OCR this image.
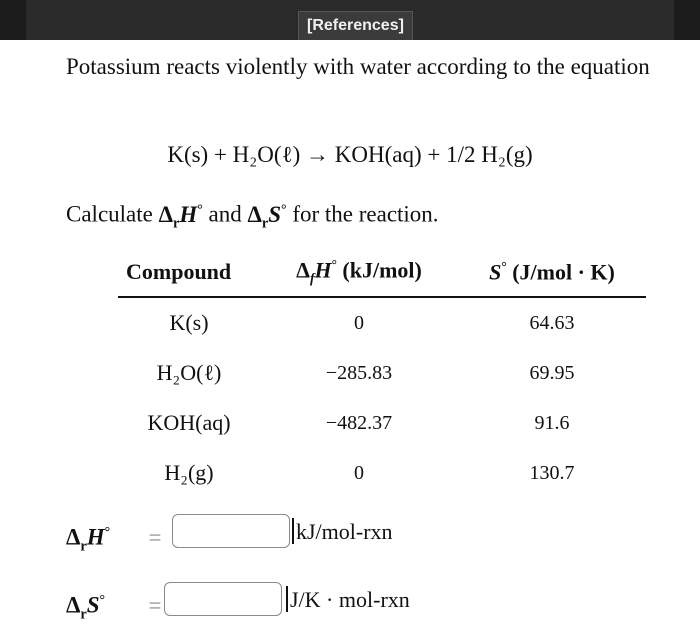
[References]
Potassium reacts violently with water according to the equation
K(s) + H₂O(ℓ) → KOH(aq) + 1/2 H₂(g)
Calculate $\Delta_rH^\circ$ and $\Delta_rS^\circ$ for the reaction.
Compound	$\Delta_fH^\circ$ (kJ/mol)	S° (J/mol · K)
K(s)	0	64.63
H₂O(ℓ)	−285.83	69.95
KOH(aq)	−482.37	91.6
H₂(g)	0	130.7
$\Delta_rH^\circ$ =	kJ/mol-rxn
$\Delta_rS^\circ$ =	J/K · mol-rxn
